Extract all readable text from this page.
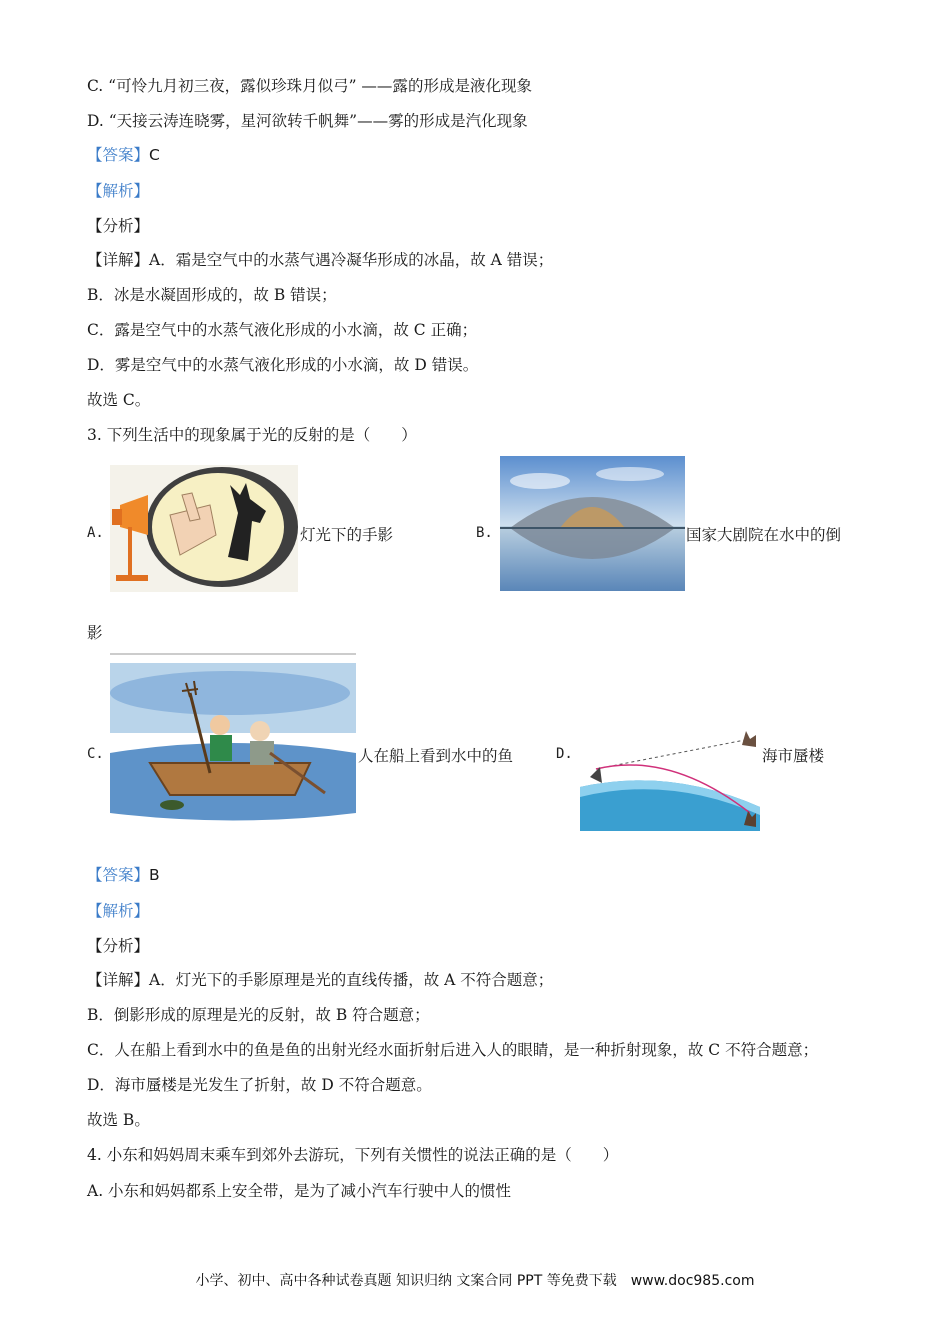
C. “可怜九月初三夜，露似珍珠月似弓” ——露的形成是液化现象
D. “天接云涛连晓雾，星河欲转千帆舞”——雾的形成是汽化现象
【答案】C
【解析】
【分析】
【详解】A．霜是空气中的水蒸气遇冷凝华形成的冰晶，故 A 错误；
B．冰是水凝固形成的，故 B 错误；
C．露是空气中的水蒸气液化形成的小水滴，故 C 正确；
D．雾是空气中的水蒸气液化形成的小水滴，故 D 错误。
故选 C。
3. 下列生活中的现象属于光的反射的是（　　）
A.	灯光下的手影	B.	国家大剧院在水中的倒
影
C.	人在船上看到水中的鱼	D.	海市蜃楼
【答案】B
【解析】
【分析】
【详解】A．灯光下的手影原理是光的直线传播，故 A 不符合题意；
B．倒影形成的原理是光的反射，故 B 符合题意；
C．人在船上看到水中的鱼是鱼的出射光经水面折射后进入人的眼睛，是一种折射现象，故 C 不符合题意；
D．海市蜃楼是光发生了折射，故 D 不符合题意。
故选 B。
4. 小东和妈妈周末乘车到郊外去游玩，下列有关惯性的说法正确的是（　　）
A. 小东和妈妈都系上安全带，是为了减小汽车行驶中人的惯性
小学、初中、高中各种试卷真题 知识归纳 文案合同 PPT 等免费下载　www.doc985.com
